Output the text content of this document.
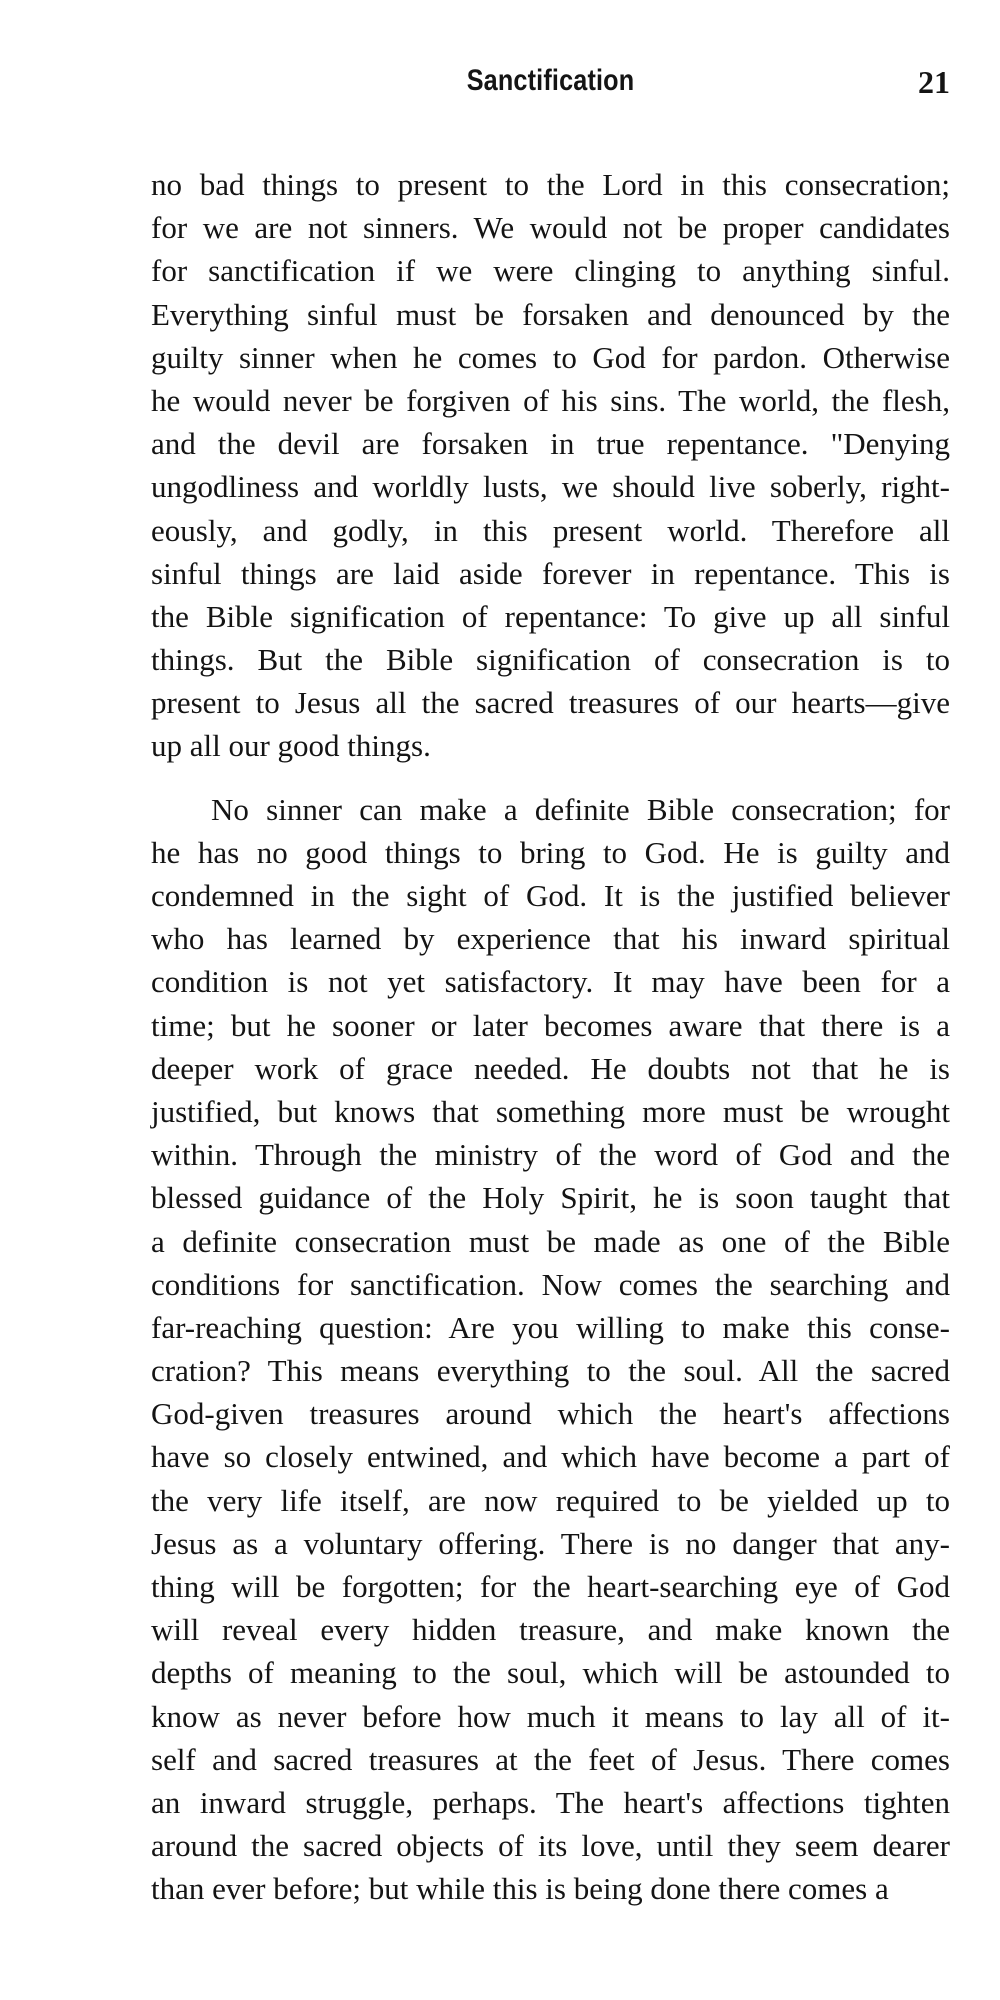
Sanctification	21
no bad things to present to the Lord in this consecration;
for we are not sinners. We would not be proper candidates
for sanctification if we were clinging to anything sinful.
Everything sinful must be forsaken and denounced by the
guilty sinner when he comes to God for pardon. Otherwise
he would never be forgiven of his sins. The world, the flesh,
and the devil are forsaken in true repentance. "Denying
ungodliness and worldly lusts, we should live soberly, right-
eously, and godly, in this present world. Therefore all
sinful things are laid aside forever in repentance. This is
the Bible signification of repentance: To give up all sinful
things. But the Bible signification of consecration is to
present to Jesus all the sacred treasures of our hearts—give
up all our good things.
No sinner can make a definite Bible consecration; for
he has no good things to bring to God. He is guilty and
condemned in the sight of God. It is the justified believer
who has learned by experience that his inward spiritual
condition is not yet satisfactory. It may have been for a
time; but he sooner or later becomes aware that there is a
deeper work of grace needed. He doubts not that he is
justified, but knows that something more must be wrought
within. Through the ministry of the word of God and the
blessed guidance of the Holy Spirit, he is soon taught that
a definite consecration must be made as one of the Bible
conditions for sanctification. Now comes the searching and
far-reaching question: Are you willing to make this conse-
cration? This means everything to the soul. All the sacred
God-given treasures around which the heart's affections
have so closely entwined, and which have become a part of
the very life itself, are now required to be yielded up to
Jesus as a voluntary offering. There is no danger that any-
thing will be forgotten; for the heart-searching eye of God
will reveal every hidden treasure, and make known the
depths of meaning to the soul, which will be astounded to
know as never before how much it means to lay all of it-
self and sacred treasures at the feet of Jesus. There comes
an inward struggle, perhaps. The heart's affections tighten
around the sacred objects of its love, until they seem dearer
than ever before; but while this is being done there comes a
